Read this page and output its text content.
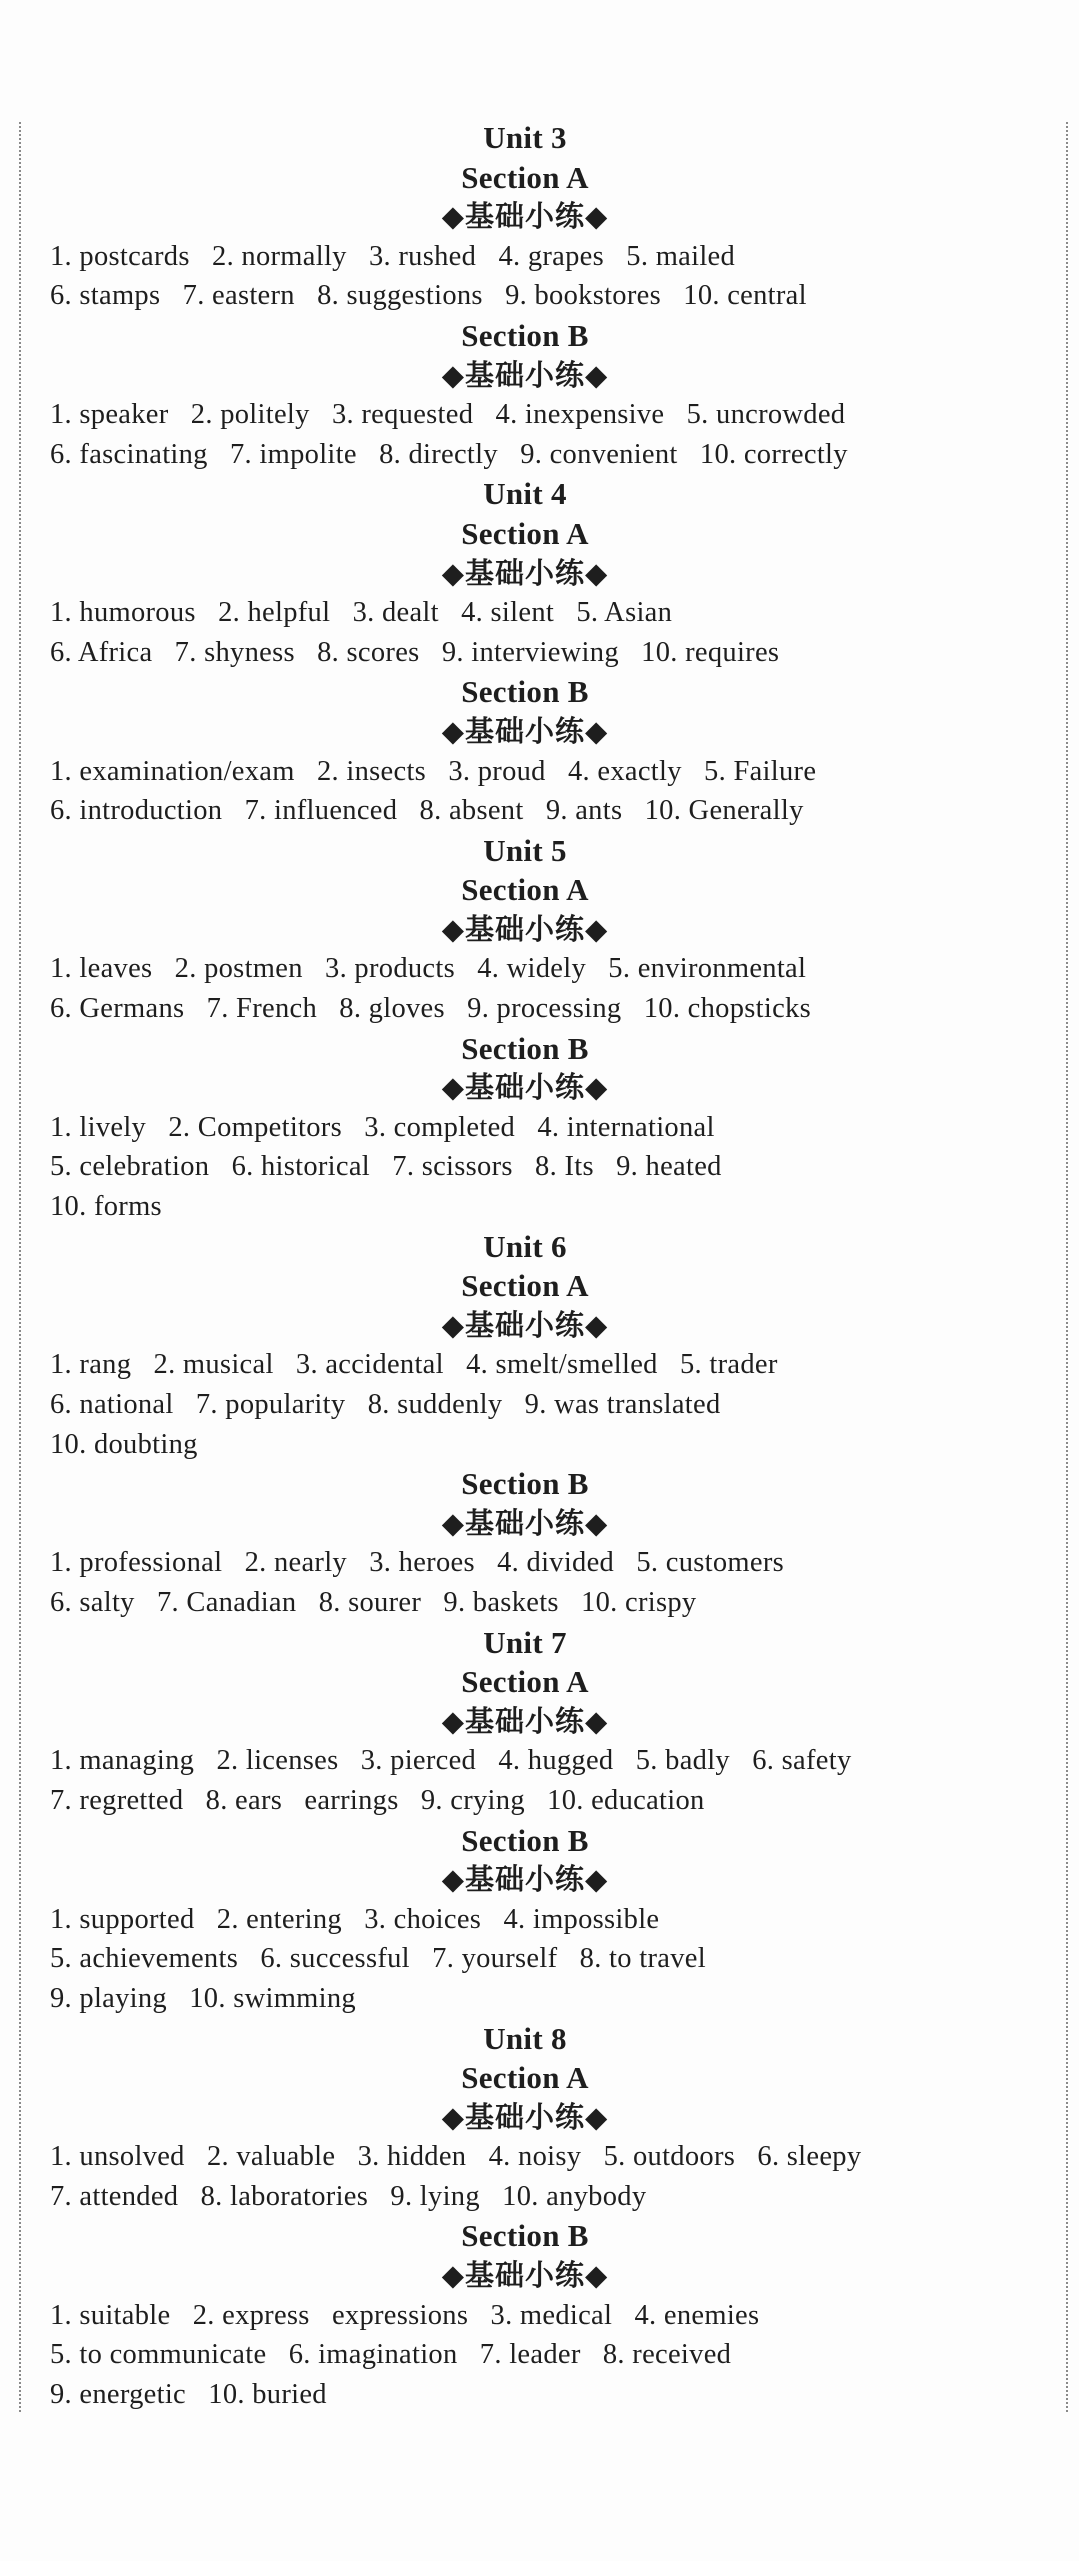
Unit 3
Section A
◆基础小练◆
1. postcards   2. normally   3. rushed   4. grapes   5. mailed
6. stamps   7. eastern   8. suggestions   9. bookstores   10. central
Section B
◆基础小练◆
1. speaker   2. politely   3. requested   4. inexpensive   5. uncrowded
6. fascinating   7. impolite   8. directly   9. convenient   10. correctly
Unit 4
Section A
◆基础小练◆
1. humorous   2. helpful   3. dealt   4. silent   5. Asian
6. Africa   7. shyness   8. scores   9. interviewing   10. requires
Section B
◆基础小练◆
1. examination/exam   2. insects   3. proud   4. exactly   5. Failure
6. introduction   7. influenced   8. absent   9. ants   10. Generally
Unit 5
Section A
◆基础小练◆
1. leaves   2. postmen   3. products   4. widely   5. environmental
6. Germans   7. French   8. gloves   9. processing   10. chopsticks
Section B
◆基础小练◆
1. lively   2. Competitors   3. completed   4. international
5. celebration   6. historical   7. scissors   8. Its   9. heated
10. forms
Unit 6
Section A
◆基础小练◆
1. rang   2. musical   3. accidental   4. smelt/smelled   5. trader
6. national   7. popularity   8. suddenly   9. was translated
10. doubting
Section B
◆基础小练◆
1. professional   2. nearly   3. heroes   4. divided   5. customers
6. salty   7. Canadian   8. sourer   9. baskets   10. crispy
Unit 7
Section A
◆基础小练◆
1. managing   2. licenses   3. pierced   4. hugged   5. badly   6. safety
7. regretted   8. ears   earrings   9. crying   10. education
Section B
◆基础小练◆
1. supported   2. entering   3. choices   4. impossible
5. achievements   6. successful   7. yourself   8. to travel
9. playing   10. swimming
Unit 8
Section A
◆基础小练◆
1. unsolved   2. valuable   3. hidden   4. noisy   5. outdoors   6. sleepy
7. attended   8. laboratories   9. lying   10. anybody
Section B
◆基础小练◆
1. suitable   2. express   expressions   3. medical   4. enemies
5. to communicate   6. imagination   7. leader   8. received
9. energetic   10. buried
